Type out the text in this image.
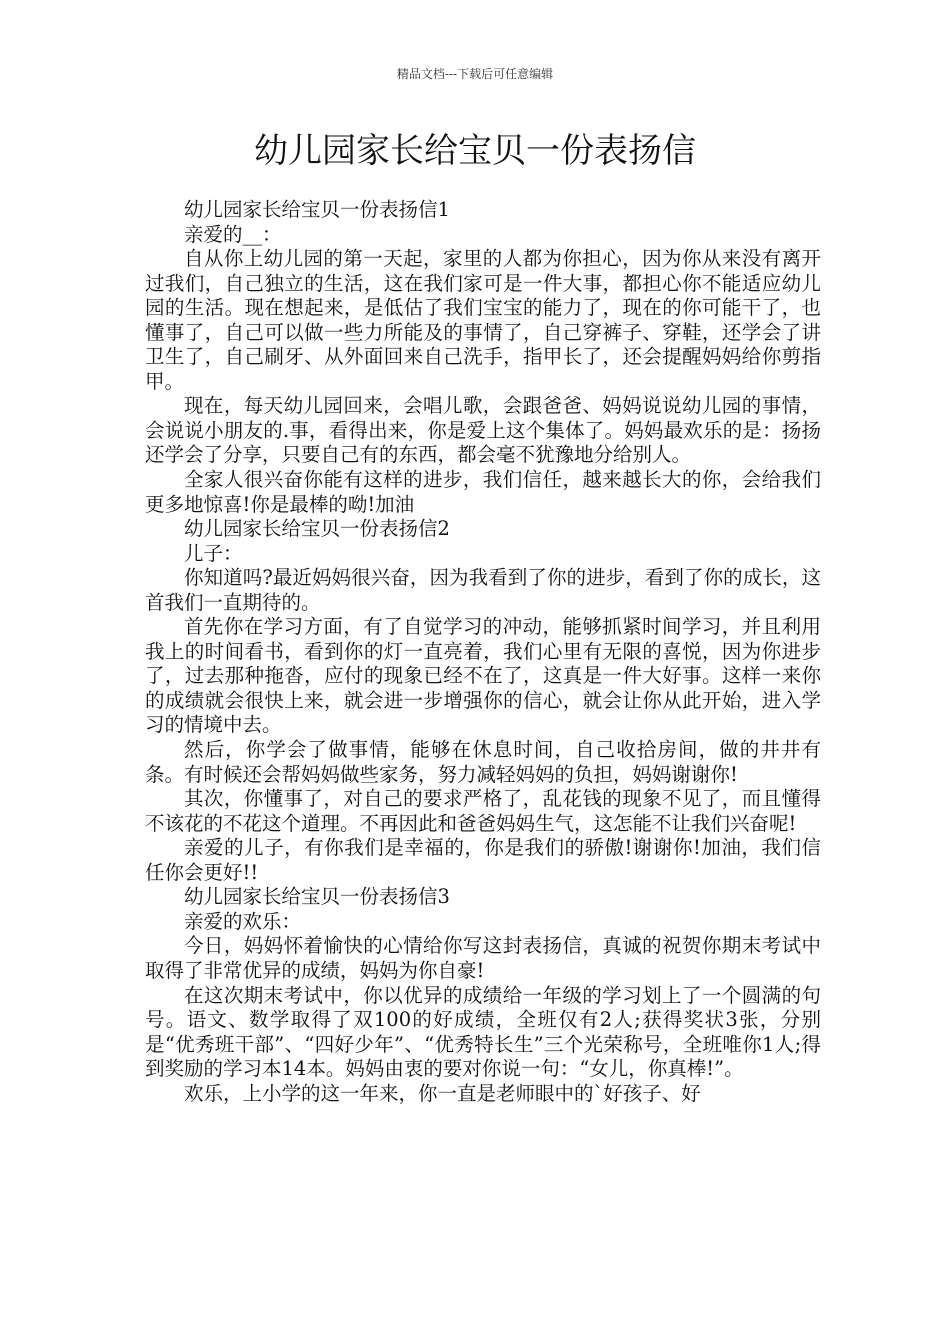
精品文档---下载后可任意编辑
幼儿园家长给宝贝一份表扬信

幼儿园家长给宝贝一份表扬信1

亲爱的__：

自从你上幼儿园的第一天起，家里的人都为你担心，因为你从来没有离开过我们，自己独立的生活，这在我们家可是一件大事，都担心你不能适应幼儿园的生活。现在想起来，是低估了我们宝宝的能力了，现在的你可能干了，也懂事了，自己可以做一些力所能及的事情了，自己穿裤子、穿鞋，还学会了讲卫生了，自己刷牙、从外面回来自己洗手，指甲长了，还会提醒妈妈给你剪指甲。

现在，每天幼儿园回来，会唱儿歌，会跟爸爸、妈妈说说幼儿园的事情，会说说小朋友的.事，看得出来，你是爱上这个集体了。妈妈最欢乐的是：扬扬还学会了分享，只要自己有的东西，都会毫不犹豫地分给别人。

全家人很兴奋你能有这样的进步，我们信任，越来越长大的你，会给我们更多地惊喜!你是最棒的呦!加油

幼儿园家长给宝贝一份表扬信2

儿子：

你知道吗?最近妈妈很兴奋，因为我看到了你的进步，看到了你的成长，这首我们一直期待的。

首先你在学习方面，有了自觉学习的冲动，能够抓紧时间学习，并且利用我上的时间看书，看到你的灯一直亮着，我们心里有无限的喜悦，因为你进步了，过去那种拖沓，应付的现象已经不在了，这真是一件大好事。这样一来你的成绩就会很快上来，就会进一步增强你的信心，就会让你从此开始，进入学习的情境中去。

然后，你学会了做事情，能够在休息时间，自己收拾房间，做的井井有条。有时候还会帮妈妈做些家务，努力减轻妈妈的负担，妈妈谢谢你!

其次，你懂事了，对自己的要求严格了，乱花钱的现象不见了，而且懂得不该花的不花这个道理。不再因此和爸爸妈妈生气，这怎能不让我们兴奋呢!

亲爱的儿子，有你我们是幸福的，你是我们的骄傲!谢谢你!加油，我们信任你会更好!!

幼儿园家长给宝贝一份表扬信3

亲爱的欢乐：

今日，妈妈怀着愉快的心情给你写这封表扬信，真诚的祝贺你期末考试中取得了非常优异的成绩，妈妈为你自豪!

在这次期末考试中，你以优异的成绩给一年级的学习划上了一个圆满的句号。语文、数学取得了双100的好成绩，全班仅有2人;获得奖状3张，分别是“优秀班干部”、“四好少年”、“优秀特长生”三个光荣称号，全班唯你1人;得到奖励的学习本14本。妈妈由衷的要对你说一句：“女儿，你真棒!”。

欢乐，上小学的这一年来，你一直是老师眼中的`好孩子、好
